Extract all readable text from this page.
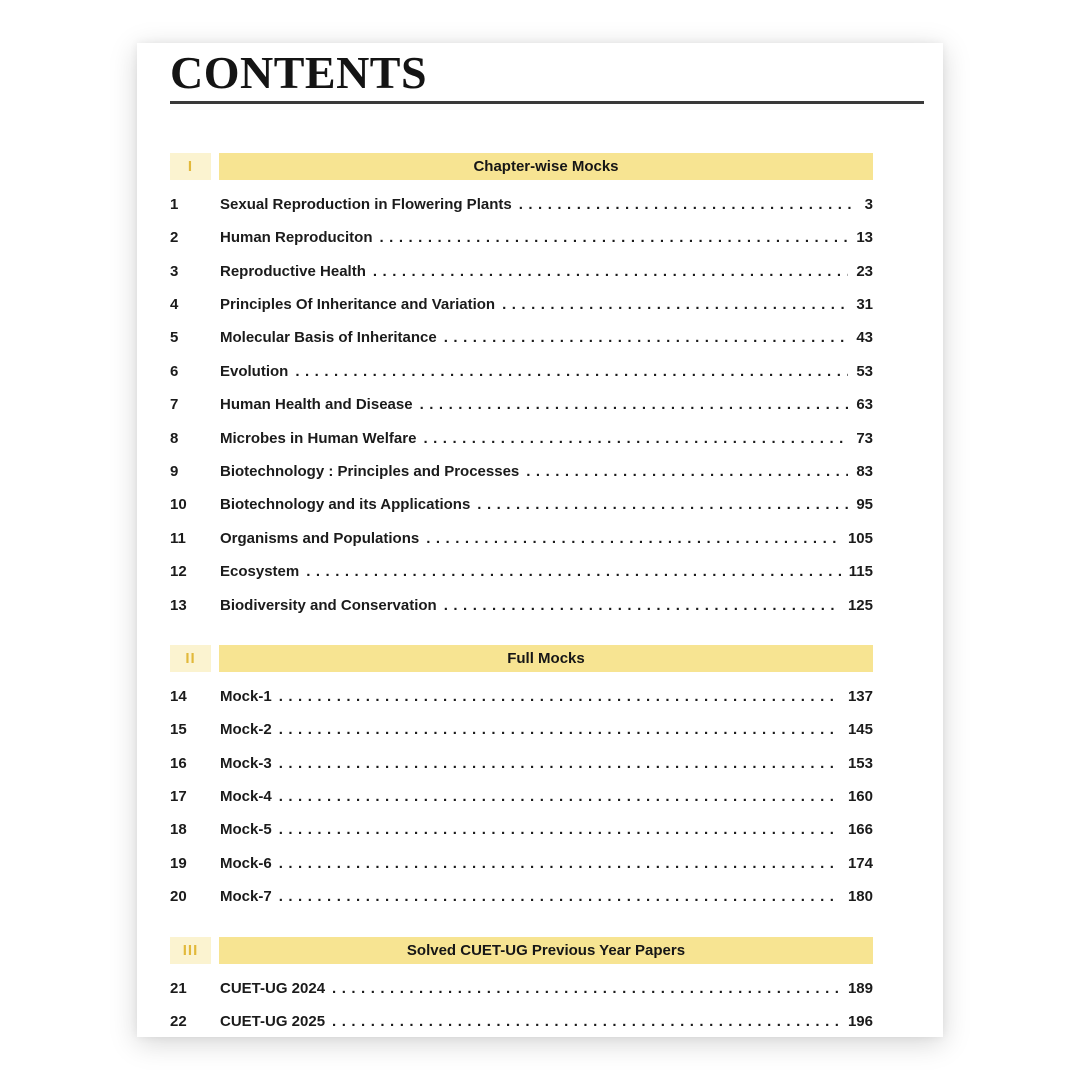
CONTENTS
I	Chapter-wise Mocks
1	Sexual Reproduction in Flowering Plants .....	3
2	Human Reproduciton .....	13
3	Reproductive Health .....	23
4	Principles Of Inheritance and Variation .....	31
5	Molecular Basis of Inheritance .....	43
6	Evolution .....	53
7	Human Health and Disease .....	63
8	Microbes in Human Welfare .....	73
9	Biotechnology : Principles and Processes .....	83
10	Biotechnology and its Applications .....	95
11	Organisms and Populations .....	105
12	Ecosystem .....	115
13	Biodiversity and Conservation .....	125
II	Full Mocks
14	Mock-1 .....	137
15	Mock-2 .....	145
16	Mock-3 .....	153
17	Mock-4 .....	160
18	Mock-5 .....	166
19	Mock-6 .....	174
20	Mock-7 .....	180
III	Solved CUET-UG Previous Year Papers
21	CUET-UG 2024 .....	189
22	CUET-UG 2025 .....	196
